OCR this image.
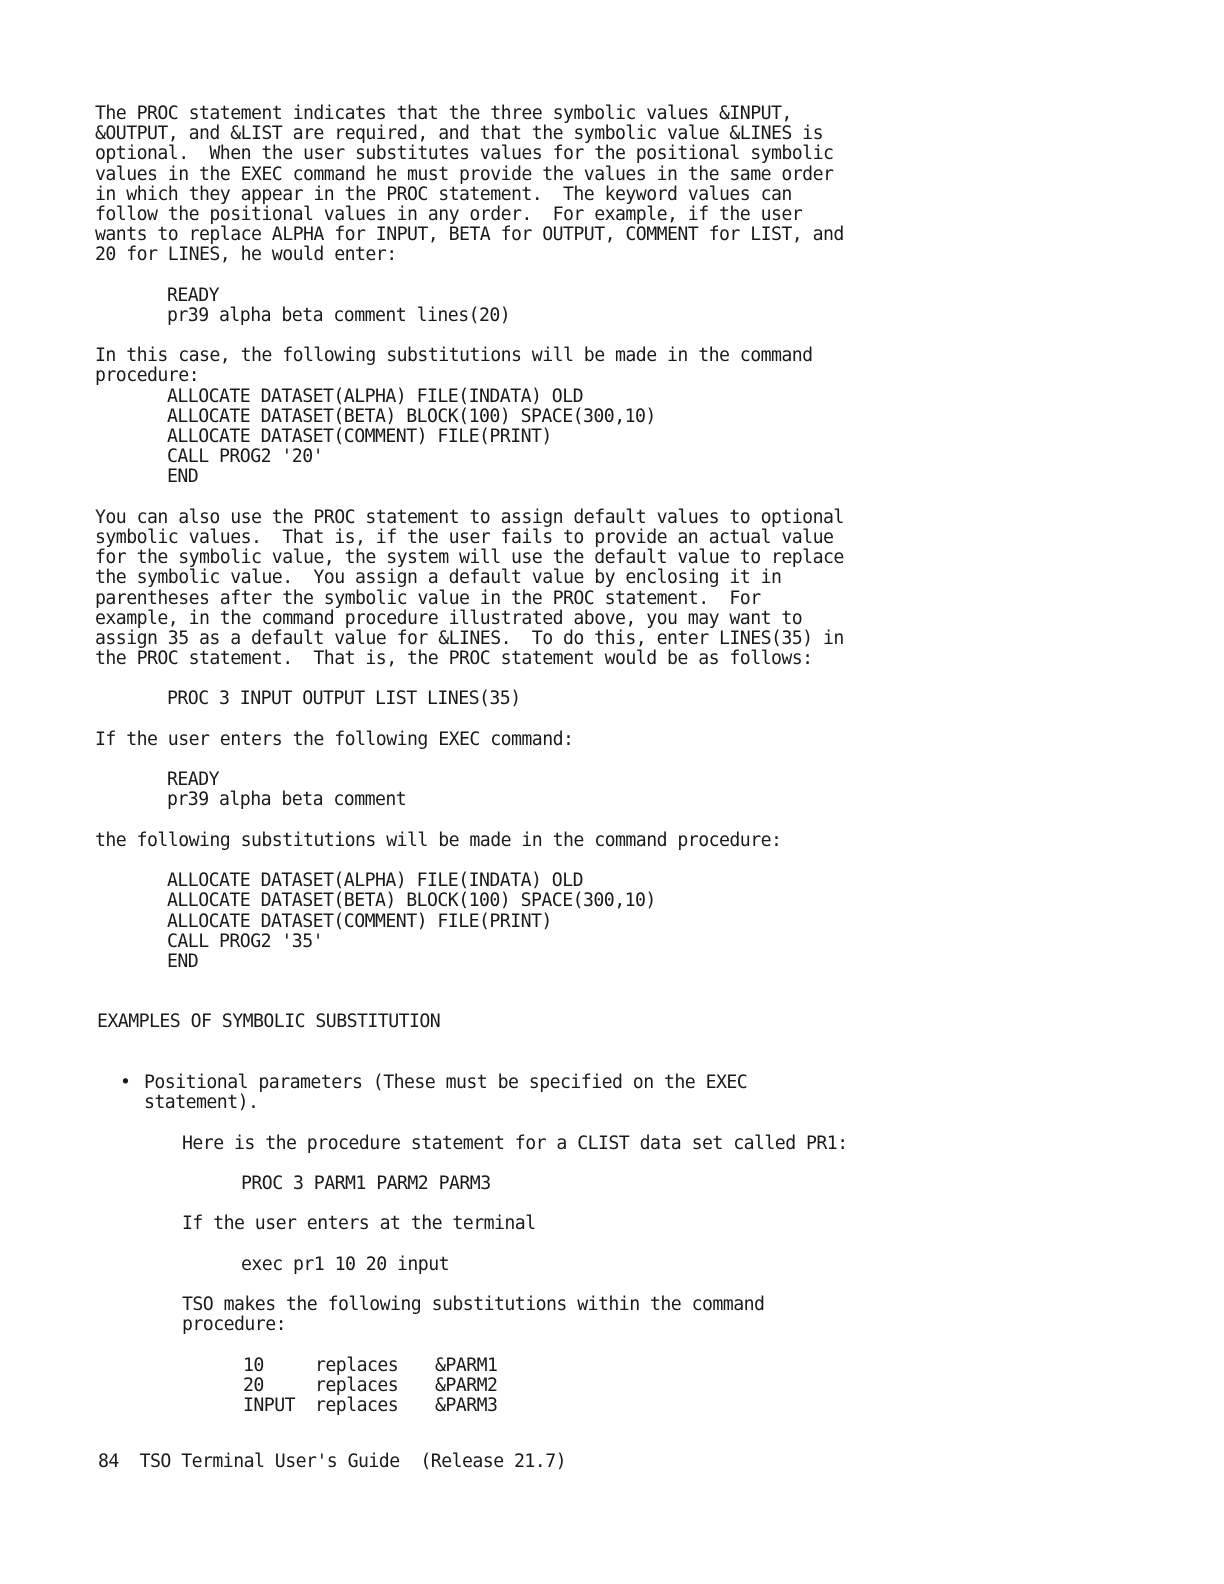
The PROC statement indicates that the three symbolic values &INPUT,
&OUTPUT, and &LIST are required, and that the symbolic value &LINES is
optional.  When the user substitutes values for the positional symbolic
values in the EXEC command he must provide the values in the same order
in which they appear in the PROC statement.  The keyword values can
follow the positional values in any order.  For example, if the user
wants to replace ALPHA for INPUT, BETA for OUTPUT, COMMENT for LIST, and
20 for LINES, he would enter:
READY
pr39 alpha beta comment lines(20)
In this case, the following substitutions will be made in the command
procedure:
ALLOCATE DATASET(ALPHA) FILE(INDATA) OLD
ALLOCATE DATASET(BETA) BLOCK(100) SPACE(300,10)
ALLOCATE DATASET(COMMENT) FILE(PRINT)
CALL PROG2 '20'
END
You can also use the PROC statement to assign default values to optional
symbolic values.  That is, if the user fails to provide an actual value
for the symbolic value, the system will use the default value to replace
the symbolic value.  You assign a default value by enclosing it in
parentheses after the symbolic value in the PROC statement.  For
example, in the command procedure illustrated above, you may want to
assign 35 as a default value for &LINES.  To do this, enter LINES(35) in
the PROC statement.  That is, the PROC statement would be as follows:
PROC 3 INPUT OUTPUT LIST LINES(35)
If the user enters the following EXEC command:
READY
pr39 alpha beta comment
the following substitutions will be made in the command procedure:
ALLOCATE DATASET(ALPHA) FILE(INDATA) OLD
ALLOCATE DATASET(BETA) BLOCK(100) SPACE(300,10)
ALLOCATE DATASET(COMMENT) FILE(PRINT)
CALL PROG2 '35'
END
EXAMPLES OF SYMBOLIC SUBSTITUTION
• Positional parameters (These must be specified on the EXEC
statement).
Here is the procedure statement for a CLIST data set called PR1:
PROC 3 PARM1 PARM2 PARM3
If the user enters at the terminal
exec pr1 10 20 input
TSO makes the following substitutions within the command
procedure:
10	replaces	&PARM1
20	replaces	&PARM2
INPUT	replaces	&PARM3
84  TSO Terminal User's Guide  (Release 21.7)
